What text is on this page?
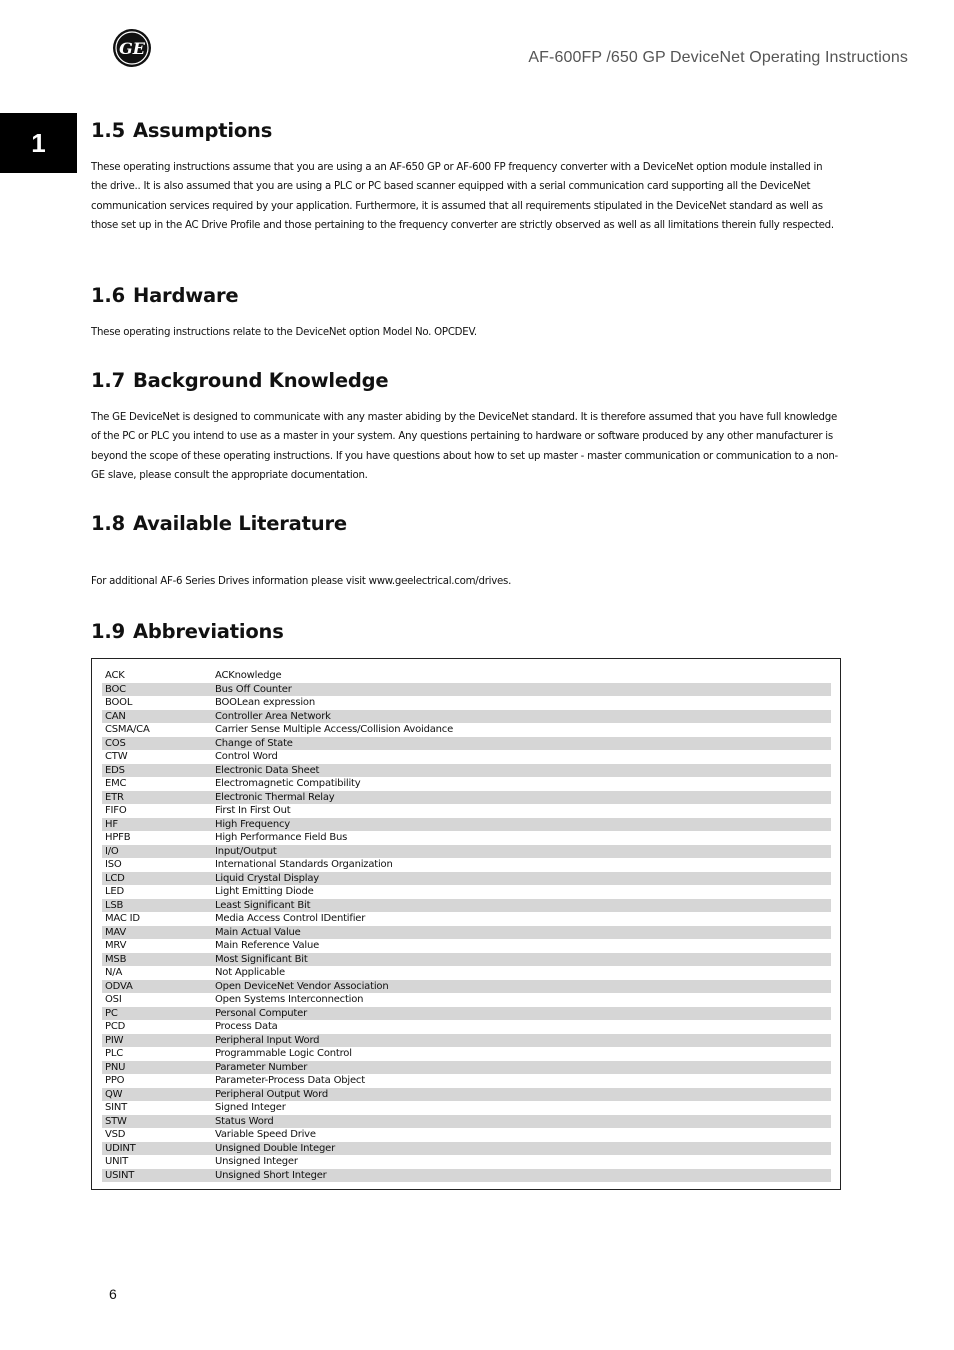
GE	AF-600FP /650 GP DeviceNet Operating Instructions
1	1.5 Assumptions

These operating instructions assume that you are using a an AF-650 GP or AF-600 FP frequency converter with a DeviceNet option module installed in the drive.. It is also assumed that you are using a PLC or PC based scanner equipped with a serial communication card supporting all the DeviceNet communication services required by your application. Furthermore, it is assumed that all requirements stipulated in the DeviceNet standard as well as those set up in the AC Drive Profile and those pertaining to the frequency converter are strictly observed as well as all limitations therein fully respected.

1.6 Hardware

These operating instructions relate to the DeviceNet option Model No. OPCDEV.

1.7 Background Knowledge

The GE DeviceNet is designed to communicate with any master abiding by the DeviceNet standard. It is therefore assumed that you have full knowledge of the PC or PLC you intend to use as a master in your system. Any questions pertaining to hardware or software produced by any other manufacturer is beyond the scope of these operating instructions. If you have questions about how to set up master - master communication or communication to a non-GE slave, please consult the appropriate documentation.

1.8 Available Literature

For additional AF-6 Series Drives information please visit www.geelectrical.com/drives.

1.9 Abbreviations
ACK	ACKnowledge
BOC	Bus Off Counter
BOOL	BOOLean expression
CAN	Controller Area Network
CSMA/CA	Carrier Sense Multiple Access/Collision Avoidance
COS	Change of State
CTW	Control Word
EDS	Electronic Data Sheet
EMC	Electromagnetic Compatibility
ETR	Electronic Thermal Relay
FIFO	First In First Out
HF	High Frequency
HPFB	High Performance Field Bus
I/O	Input/Output
ISO	International Standards Organization
LCD	Liquid Crystal Display
LED	Light Emitting Diode
LSB	Least Significant Bit
MAC ID	Media Access Control IDentifier
MAV	Main Actual Value
MRV	Main Reference Value
MSB	Most Significant Bit
N/A	Not Applicable
ODVA	Open DeviceNet Vendor Association
OSI	Open Systems Interconnection
PC	Personal Computer
PCD	Process Data
PIW	Peripheral Input Word
PLC	Programmable Logic Control
PNU	Parameter Number
PPO	Parameter-Process Data Object
QW	Peripheral Output Word
SINT	Signed Integer
STW	Status Word
VSD	Variable Speed Drive
UDINT	Unsigned Double Integer
UNIT	Unsigned Integer
USINT	Unsigned Short Integer
6
